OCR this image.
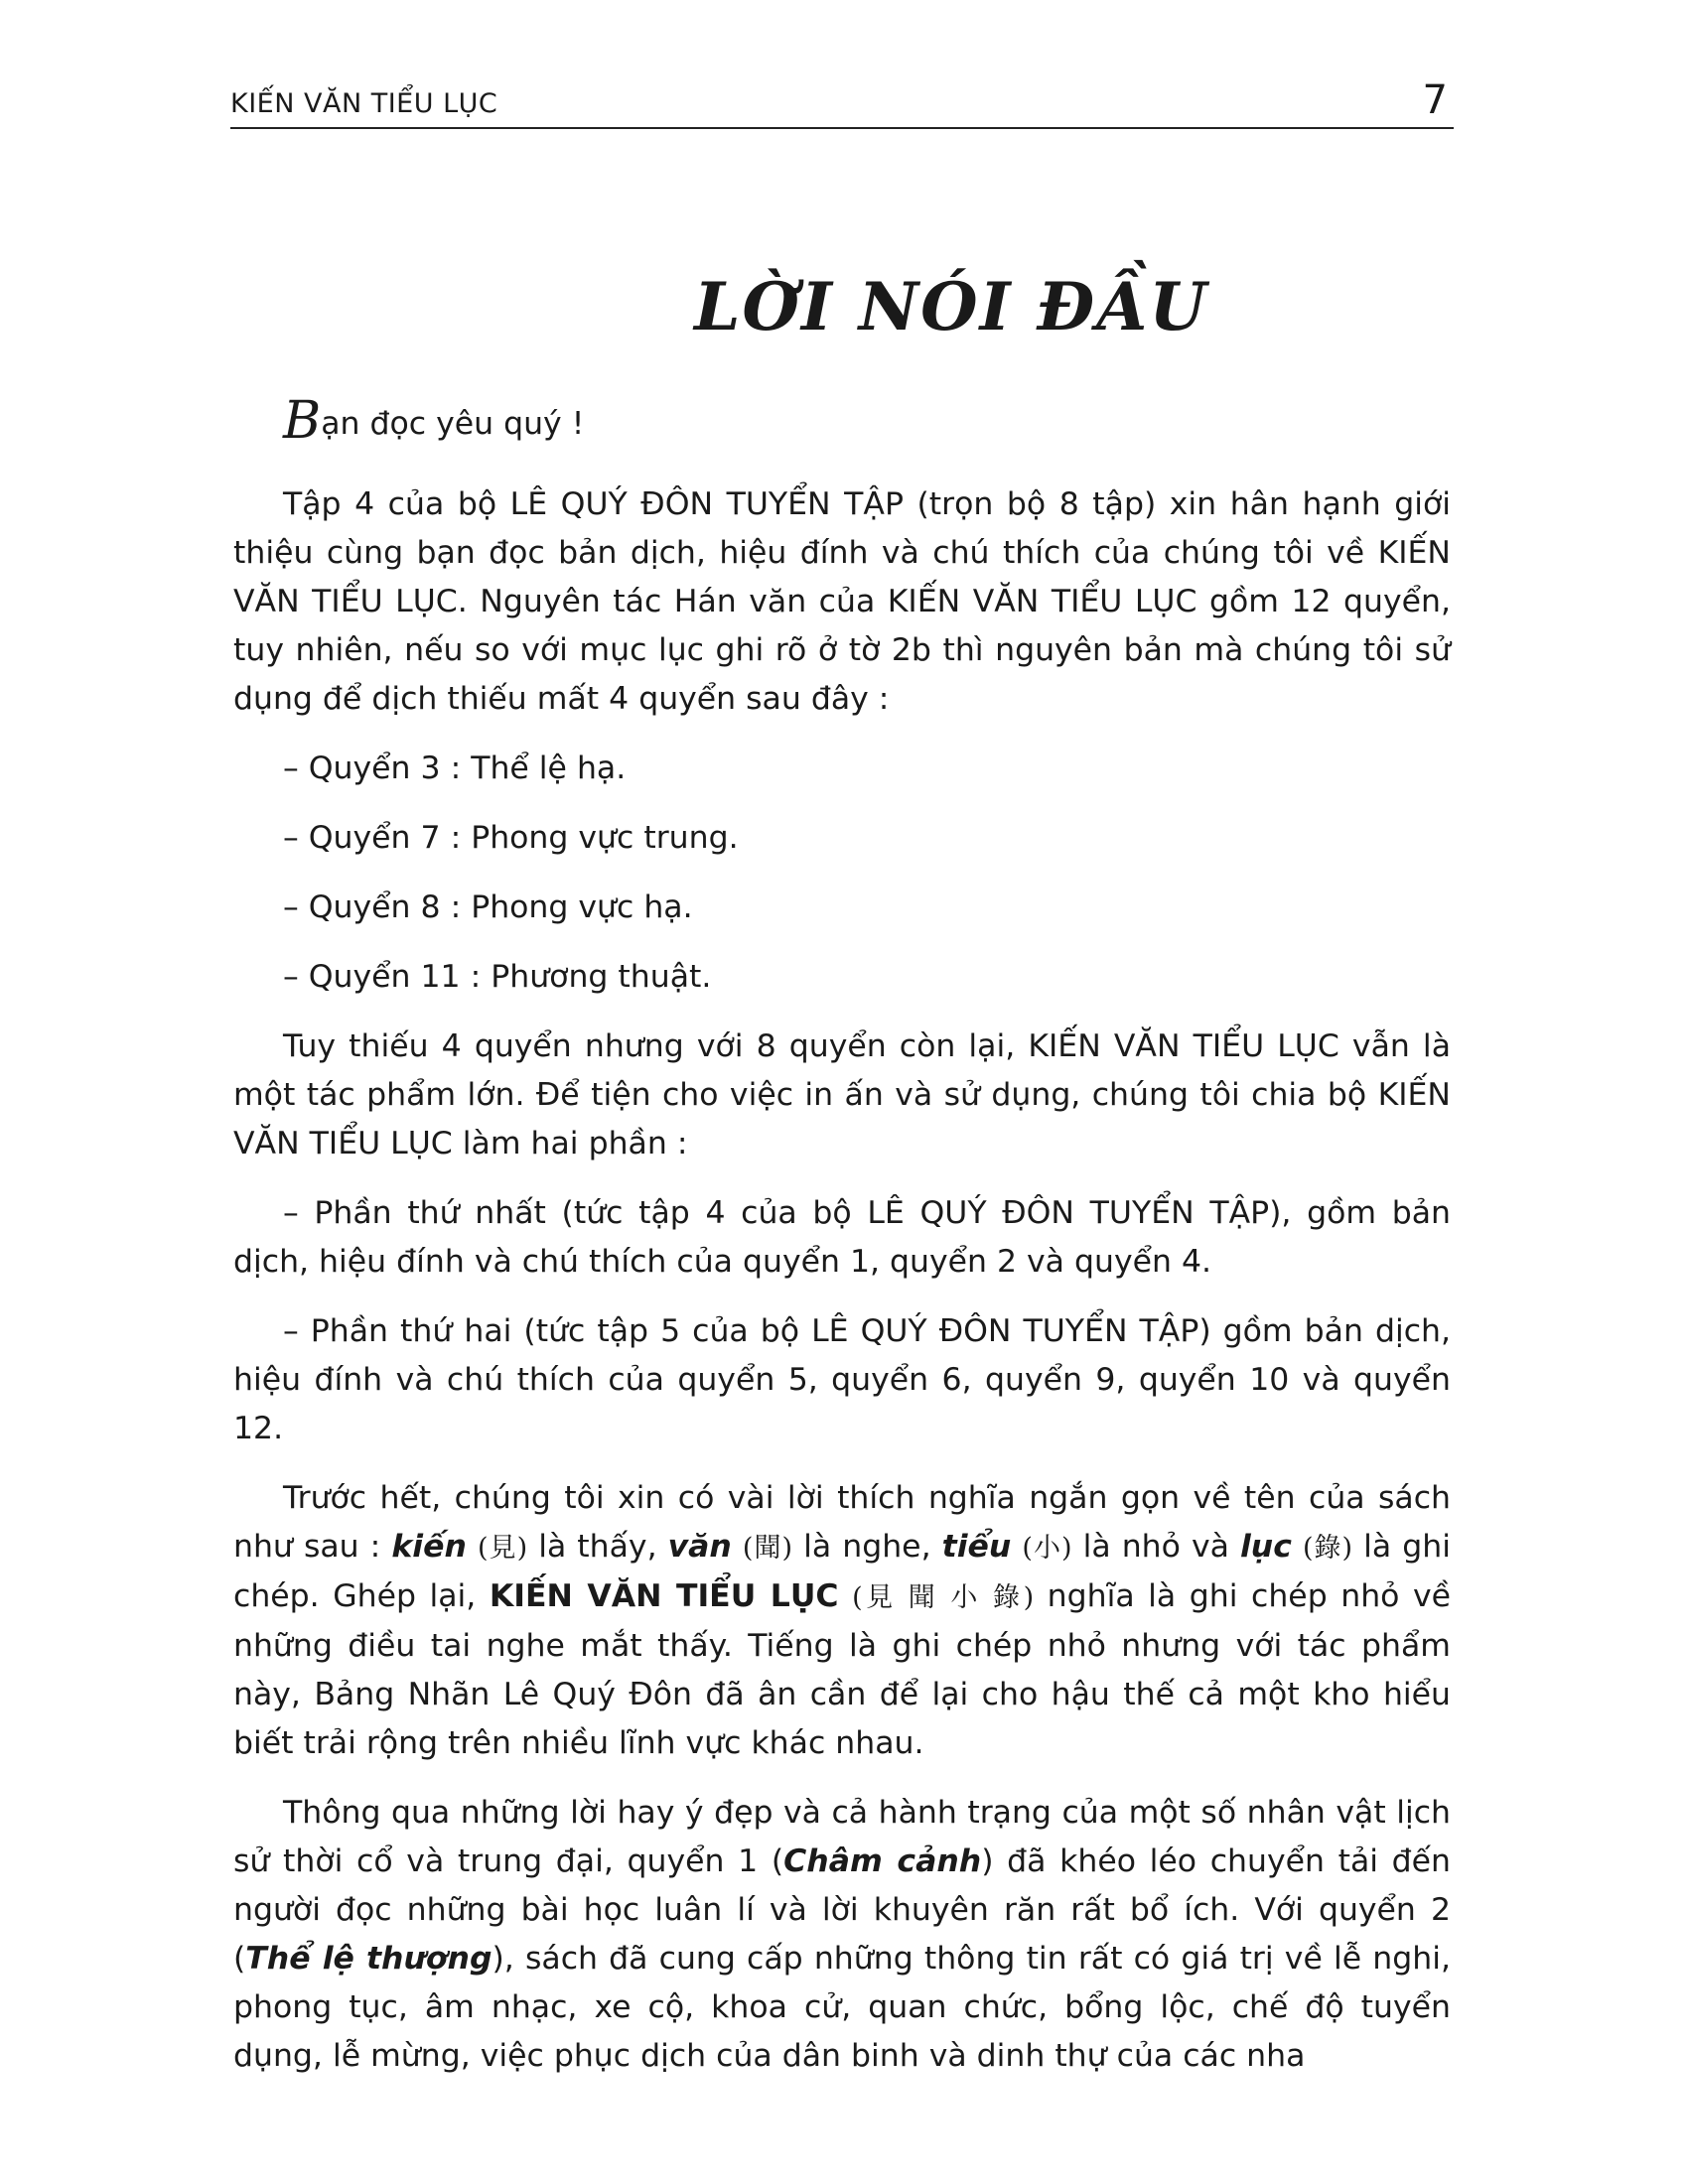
KIẾN VĂN TIỂU LỤC	7
LỜI NÓI ĐẦU

Bạn đọc yêu quý !

Tập 4 của bộ LÊ QUÝ ĐÔN TUYỂN TẬP (trọn bộ 8 tập) xin hân hạnh giới thiệu cùng bạn đọc bản dịch, hiệu đính và chú thích của chúng tôi về KIẾN VĂN TIỂU LỤC. Nguyên tác Hán văn của KIẾN VĂN TIỂU LỤC gồm 12 quyển, tuy nhiên, nếu so với mục lục ghi rõ ở tờ 2b thì nguyên bản mà chúng tôi sử dụng để dịch thiếu mất 4 quyển sau đây :

– Quyển 3 : Thể lệ hạ.

– Quyển 7 : Phong vực trung.

– Quyển 8 : Phong vực hạ.

– Quyển 11 : Phương thuật.

Tuy thiếu 4 quyển nhưng với 8 quyển còn lại, KIẾN VĂN TIỂU LỤC vẫn là một tác phẩm lớn. Để tiện cho việc in ấn và sử dụng, chúng tôi chia bộ KIẾN VĂN TIỂU LỤC làm hai phần :

– Phần thứ nhất (tức tập 4 của bộ LÊ QUÝ ĐÔN TUYỂN TẬP), gồm bản dịch, hiệu đính và chú thích của quyển 1, quyển 2 và quyển 4.

– Phần thứ hai (tức tập 5 của bộ LÊ QUÝ ĐÔN TUYỂN TẬP) gồm bản dịch, hiệu đính và chú thích của quyển 5, quyển 6, quyển 9, quyển 10 và quyển 12.

Trước hết, chúng tôi xin có vài lời thích nghĩa ngắn gọn về tên của sách như sau : kiến (見) là thấy, văn (聞) là nghe, tiểu (小) là nhỏ và lục (錄) là ghi chép. Ghép lại, KIẾN VĂN TIỂU LỤC (見 聞 小 錄) nghĩa là ghi chép nhỏ về những điều tai nghe mắt thấy. Tiếng là ghi chép nhỏ nhưng với tác phẩm này, Bảng Nhãn Lê Quý Đôn đã ân cần để lại cho hậu thế cả một kho hiểu biết trải rộng trên nhiều lĩnh vực khác nhau.

Thông qua những lời hay ý đẹp và cả hành trạng của một số nhân vật lịch sử thời cổ và trung đại, quyển 1 (Châm cảnh) đã khéo léo chuyển tải đến người đọc những bài học luân lí và lời khuyên răn rất bổ ích. Với quyển 2 (Thể lệ thượng), sách đã cung cấp những thông tin rất có giá trị về lễ nghi, phong tục, âm nhạc, xe cộ, khoa cử, quan chức, bổng lộc, chế độ tuyển dụng, lễ mừng, việc phục dịch của dân binh và dinh thự của các nha
